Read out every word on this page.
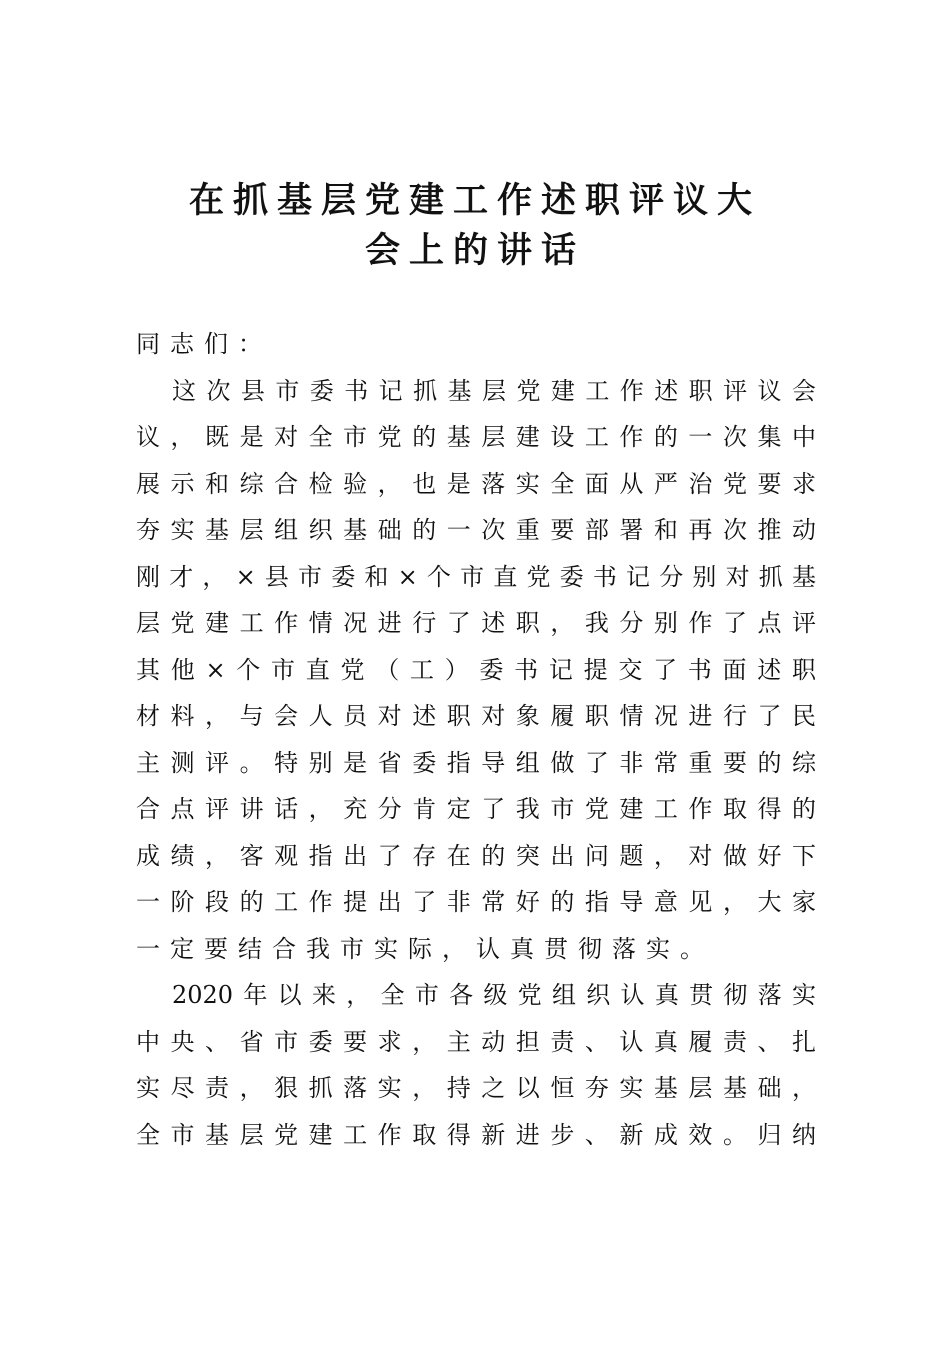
在抓基层党建工作述职评议大
会上的讲话
同志们：
这次县市委书记抓基层党建工作述职评议会
议，既是对全市党的基层建设工作的一次集中
展示和综合检验，也是落实全面从严治党要求
夯实基层组织基础的一次重要部署和再次推动
刚才，×县市委和×个市直党委书记分别对抓基
层党建工作情况进行了述职，我分别作了点评
其他×个市直党（工）委书记提交了书面述职
材料，与会人员对述职对象履职情况进行了民
主测评。特别是省委指导组做了非常重要的综
合点评讲话，充分肯定了我市党建工作取得的
成绩，客观指出了存在的突出问题，对做好下
一阶段的工作提出了非常好的指导意见，大家
一定要结合我市实际，认真贯彻落实。
2020年以来，全市各级党组织认真贯彻落实
中央、省市委要求，主动担责、认真履责、扎
实尽责，狠抓落实，持之以恒夯实基层基础，
全市基层党建工作取得新进步、新成效。归纳
